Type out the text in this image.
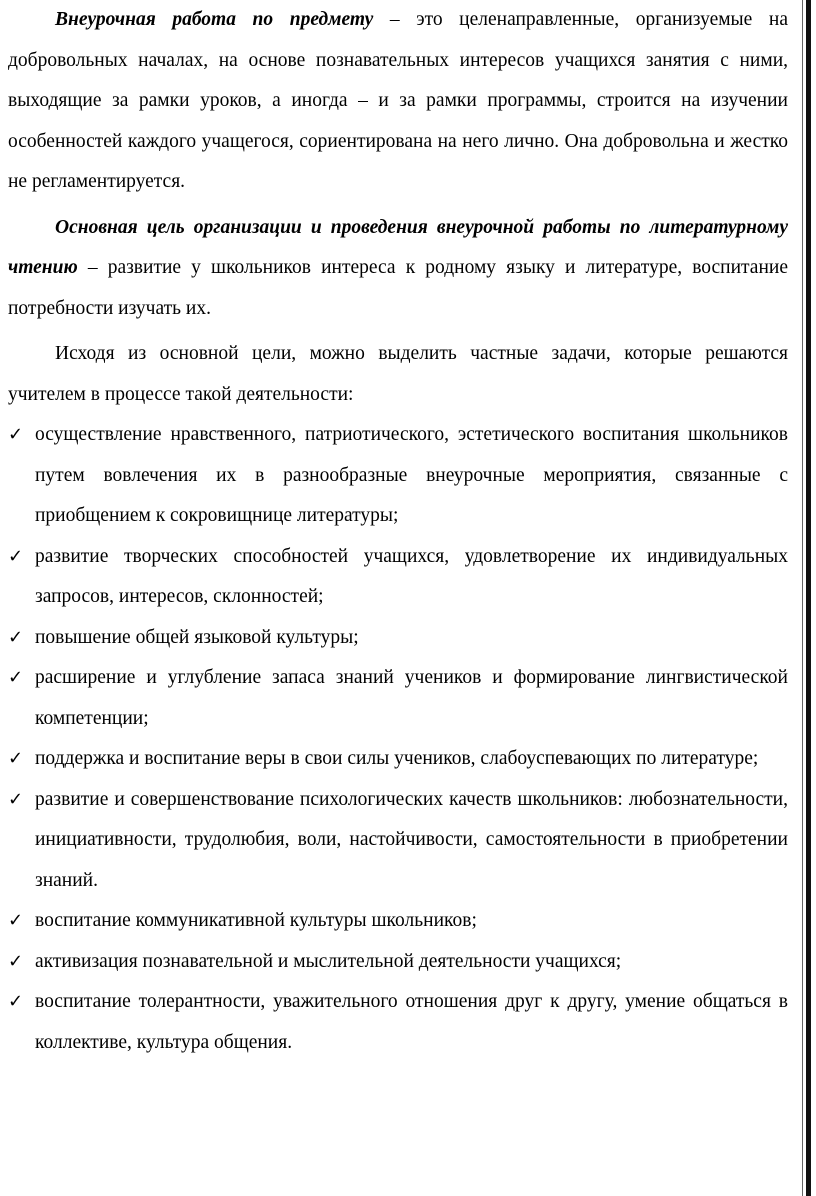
Внеурочная работа по предмету – это целенаправленные, организуемые на добровольных началах, на основе познавательных интересов учащихся занятия с ними, выходящие за рамки уроков, а иногда – и за рамки программы, строится на изучении особенностей каждого учащегося, сориентирована на него лично. Она добровольна и жестко не регламентируется.

Основная цель организации и проведения внеурочной работы по литературному чтению – развитие у школьников интереса к родному языку и литературе, воспитание потребности изучать их.

Исходя из основной цели, можно выделить частные задачи, которые решаются учителем в процессе такой деятельности:

✓ осуществление нравственного, патриотического, эстетического воспитания школьников путем вовлечения их в разнообразные внеурочные мероприятия, связанные с приобщением к сокровищнице литературы;
✓ развитие творческих способностей учащихся, удовлетворение их индивидуальных запросов, интересов, склонностей;
✓ повышение общей языковой культуры;
✓ расширение и углубление запаса знаний учеников и формирование лингвистической компетенции;
✓ поддержка и воспитание веры в свои силы учеников, слабоуспевающих по литературе;
✓ развитие и совершенствование психологических качеств школьников: любознательности, инициативности, трудолюбия, воли, настойчивости, самостоятельности в приобретении знаний.
✓ воспитание коммуникативной культуры школьников;
✓ активизация познавательной и мыслительной деятельности учащихся;
✓ воспитание толерантности, уважительного отношения друг к другу, умение общаться в коллективе, культура общения.
